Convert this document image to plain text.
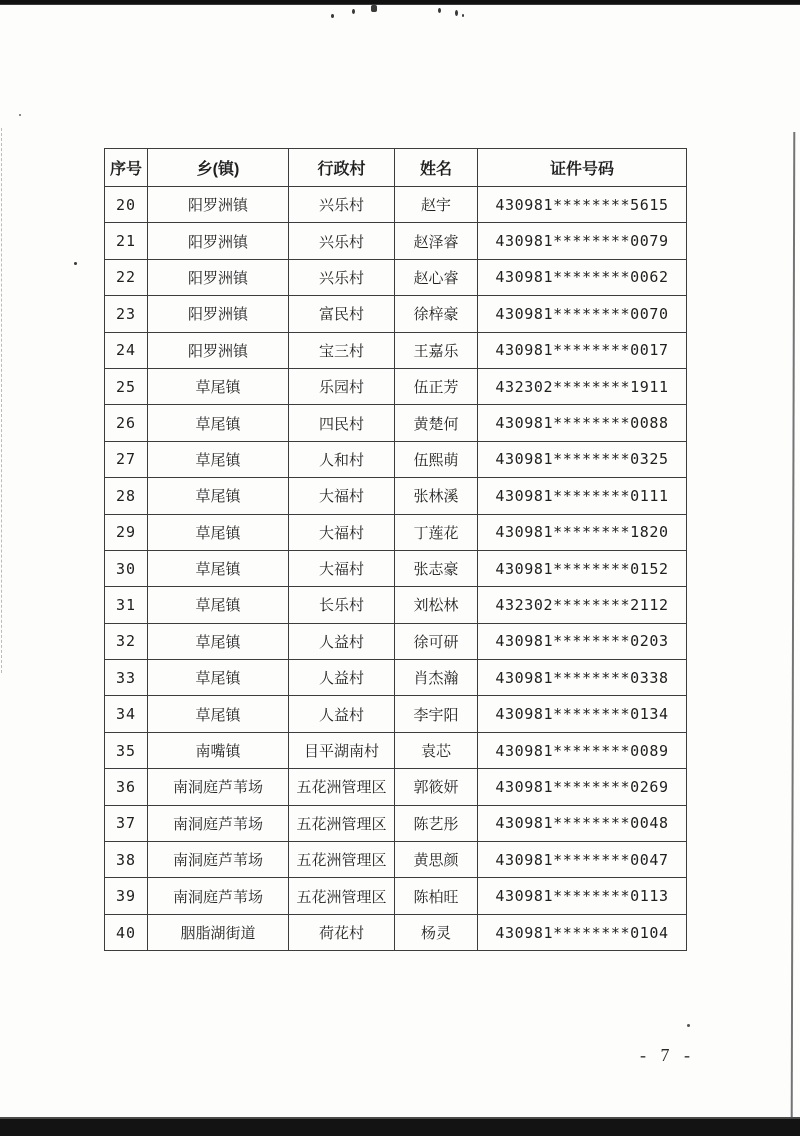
序号	乡(镇)	行政村	姓名	证件号码
20	阳罗洲镇	兴乐村	赵宇	430981********5615
21	阳罗洲镇	兴乐村	赵泽睿	430981********0079
22	阳罗洲镇	兴乐村	赵心睿	430981********0062
23	阳罗洲镇	富民村	徐梓豪	430981********0070
24	阳罗洲镇	宝三村	王嘉乐	430981********0017
25	草尾镇	乐园村	伍正芳	432302********1911
26	草尾镇	四民村	黄楚何	430981********0088
27	草尾镇	人和村	伍熙萌	430981********0325
28	草尾镇	大福村	张林溪	430981********0111
29	草尾镇	大福村	丁莲花	430981********1820
30	草尾镇	大福村	张志豪	430981********0152
31	草尾镇	长乐村	刘松林	432302********2112
32	草尾镇	人益村	徐可研	430981********0203
33	草尾镇	人益村	肖杰瀚	430981********0338
34	草尾镇	人益村	李宇阳	430981********0134
35	南嘴镇	目平湖南村	袁芯	430981********0089
36	南洞庭芦苇场	五花洲管理区	郭筱妍	430981********0269
37	南洞庭芦苇场	五花洲管理区	陈艺彤	430981********0048
38	南洞庭芦苇场	五花洲管理区	黄思颜	430981********0047
39	南洞庭芦苇场	五花洲管理区	陈柏旺	430981********0113
40	胭脂湖街道	荷花村	杨灵	430981********0104
- 7 -
